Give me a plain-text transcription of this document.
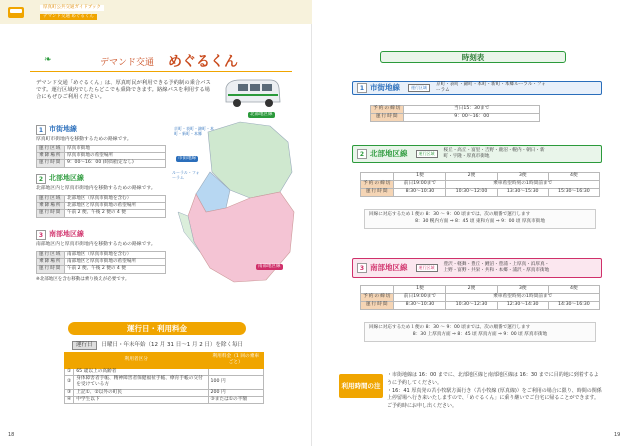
厚真町公共交通ガイドブック
デマンド交通 めぐるくん
❧	デマンド交通 めぐるくん
デマンド交通「めぐるくん」は、厚真町民が利用できる予約制の乗合バスです。運行区域内でしたらどこでも乗降できます。路線バスを利用する場合にもぜひご利用ください。
1 市街地線
厚真町市街地内を移動するための路線です。
運行区域	厚真市街地
乗降場所	厚真市街地の希望場所
運行時間	9：00〜16：00 (時間指定なし)
2 北部地区線
北部地区内と厚真市街地内を移動するための路線です。
運行区域	北部地区（厚真市街地を含む）
乗降場所	北部地区と厚真市街地の希望場所
運行時間	午前 2 便、午後 2 便の 4 便
3 南部地区線
南部地区内と厚真市街地内を移動するための路線です。
運行区域	南部地区（厚真市街地を含む）
乗降場所	南部地区と厚真市街地の希望場所
運行時間	午前 2 便、午後 2 便の 4 便
※北部地区を含む移動は乗り換えが必要です。
北部地区線
市街地線
南部地区線
京町・表町・錦町・本町・新町・本郷
ルーラル・フォーラム
運行日・利用料金
運行日	日曜日・年末年始（12 月 31 日〜1 月 2 日）を除く毎日
利用者区分		利用料金（1 回の乗車ごと）
①	65 歳以上の高齢者	
②	身体障害者手帳、精神障害者保健福祉手帳、療育手帳の交付を受けている方	100 円
③	上記①、②以外の町民	200 円
④	中学生以下	③または①の半額
18
時刻表
1 市街地線	運行区域
京町・表町・錦町・本町・新町・本郷ルーラル・フォーラム
予約の締切	当日15：30まで
運行時間	9：00〜16：00
2 北部地区線	運行区域
桜丘・高丘・富里・吉野・鹿沼・幌内・朝日・新町・宇隆・厚真市街地
	1便	2便	3便	4便
予約の締切	前日19:00まで	乗車希望時刻の1時間前まで		
運行時間	8:30〜10:30	10:30〜12:00	13:30〜15:30	15:30〜16:30
回線に対応するため１便の 8：30 〜 9：00 頃までは、次の順番で運行します
8：30 幌内方面 ⇒ 8：45 頃 東和方面 ⇒ 9：00 頃 厚真市街地
3 南部地区線	運行区域
豊沢・軽舞・豊丘・鯉沼・豊浦・上厚真・浜厚真・上野・富野・共栄・共和・本郷・浦沢・厚真市街地
	1便	2便	3便	4便
予約の締切	前日19:00まで	乗車希望時刻の1時間前まで		
運行時間	8:30〜10:30	10:30〜12:30	12:30〜14:30	14:30〜16:30
回線に対応するため１便の 8：30 〜 9：00 頃までは、次の順番で運行します
8：30 上厚真方面 ⇒ 8：45 頃 厚真方面 ⇒ 9：00 頃 厚真市街地
利用時間の注意
・市街地線は 16：00 までに、北部地区線と南部地区線は 16：30 までに目的地に到着するように予約してください。
・16：41 厚真発の苫小牧駅方面行き（苫小牧線 (厚真線)）をご利用の場合に限り、時間の関係上停留場へ行き来いたしますので、「めぐるくん」に乗り継いでご自宅に帰ることができます。ご予約時にお申し出ください。
19
